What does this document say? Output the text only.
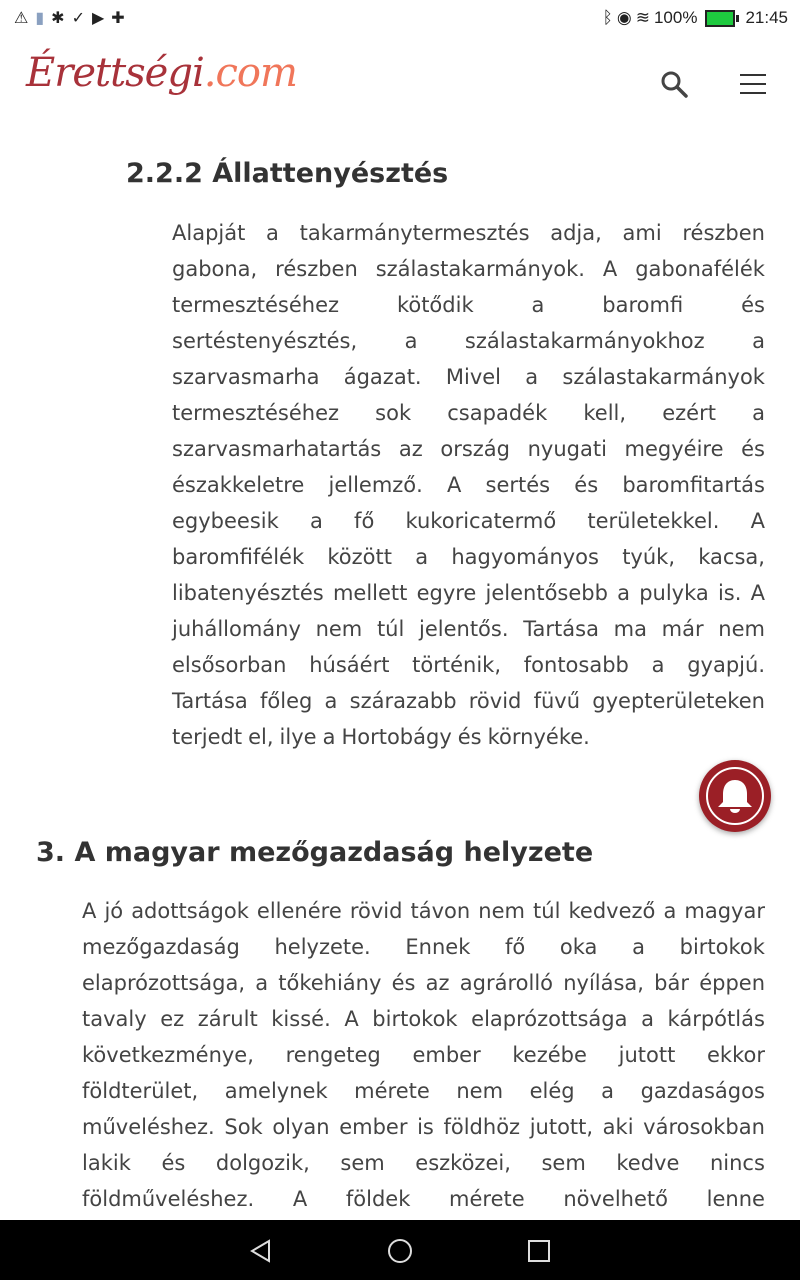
⚠ ▮ ✱ ✓ ▶ ✚	ᛒ ◉ ≋ 100%	21:45
Érettségi.com
2.2.2 Állattenyésztés
Alapját a takarmánytermesztés adja, ami részben
gabona, részben szálastakarmányok. A gabonafélék
termesztéséhez	kötődik	a	baromfi	és
sertéstenyésztés, a szálastakarmányokhoz a
szarvasmarha ágazat. Mivel a szálastakarmányok
termesztéséhez sok csapadék kell, ezért a
szarvasmarhatartás az ország nyugati megyéire és
északkeletre jellemző. A sertés és baromfitartás
egybeesik a fő kukoricatermő területekkel. A
baromfifélék között a hagyományos tyúk, kacsa,
libatenyésztés mellett egyre jelentősebb a pulyka is. A
juhállomány nem túl jelentős. Tartása ma már nem
elsősorban húsáért történik, fontosabb a gyapjú.
Tartása főleg a szárazabb rövid füvű gyepterületeken
terjedt el, ilye a Hortobágy és környéke.
3. A magyar mezőgazdaság helyzete
A jó adottságok ellenére rövid távon nem túl kedvező a magyar
mezőgazdaság helyzete. Ennek fő oka a birtokok
elaprózottsága, a tőkehiány és az agrárolló nyílása, bár éppen
tavaly ez zárult kissé. A birtokok elaprózottsága a kárpótlás
következménye, rengeteg ember kezébe jutott ekkor
földterület, amelynek mérete nem elég a gazdaságos
műveléshez. Sok olyan ember is földhöz jutott, aki városokban
lakik és dolgozik, sem eszközei, sem kedve nincs
földműveléshez. A földek mérete növelhető lenne
